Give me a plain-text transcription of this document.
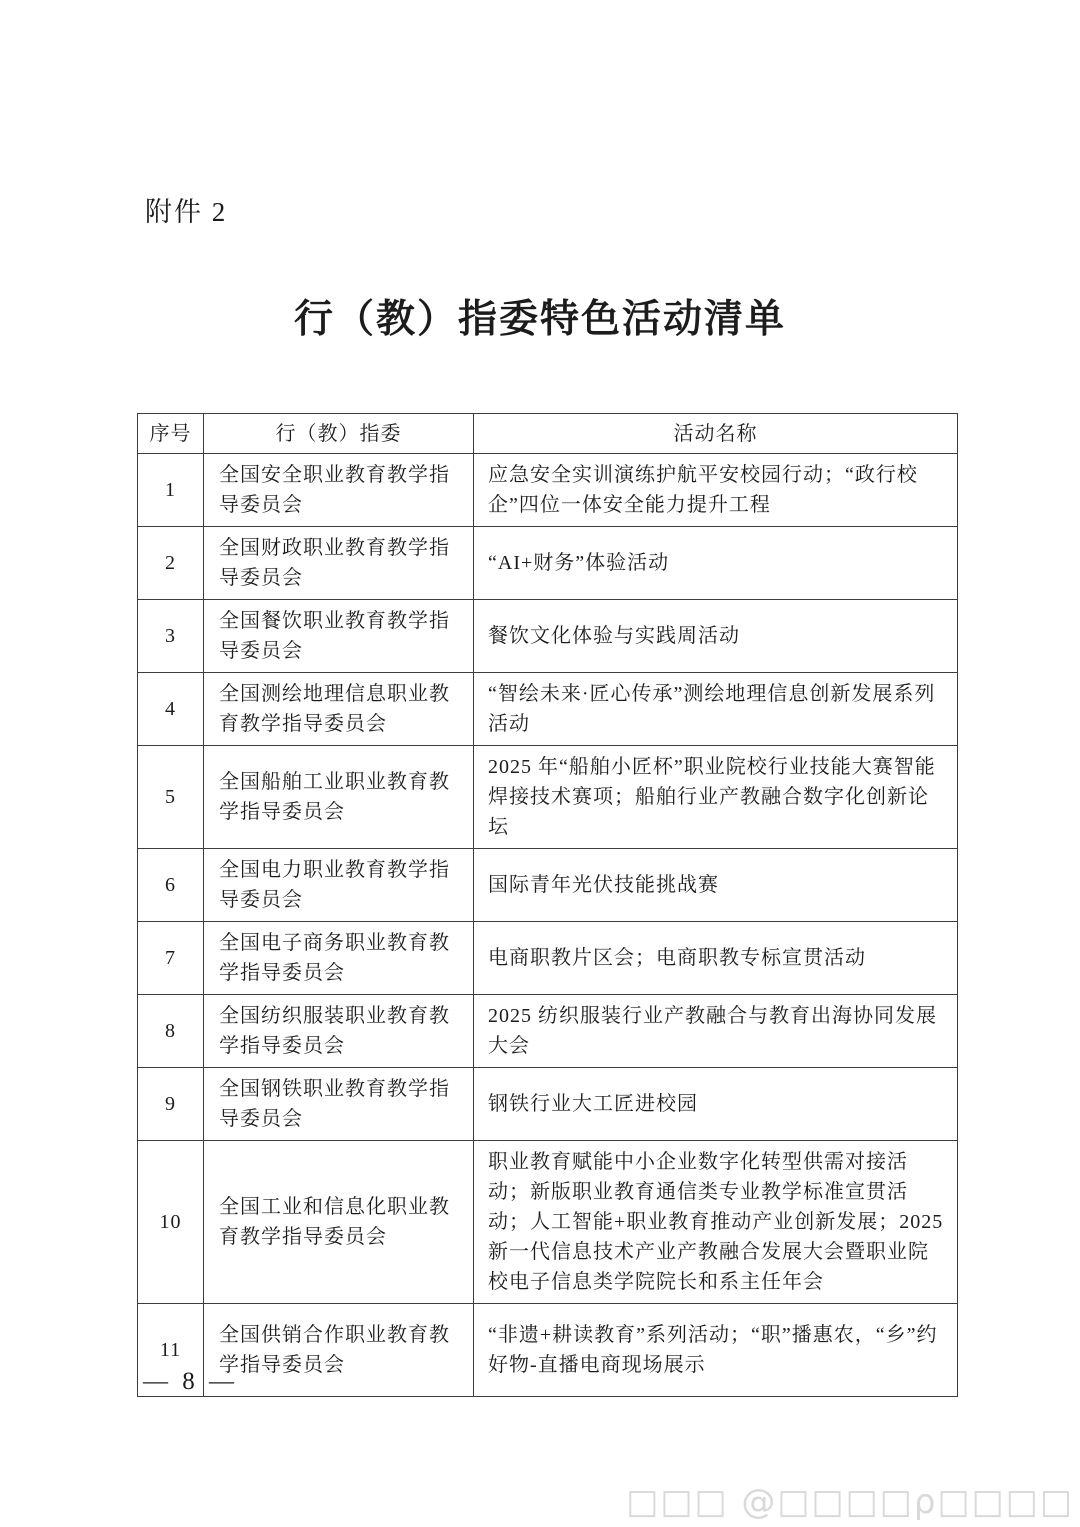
附件 2
行（教）指委特色活动清单
序号	行（教）指委	活动名称
1	全国安全职业教育教学指导委员会	应急安全实训演练护航平安校园行动；“政行校企”四位一体安全能力提升工程
2	全国财政职业教育教学指导委员会	“AI+财务”体验活动
3	全国餐饮职业教育教学指导委员会	餐饮文化体验与实践周活动
4	全国测绘地理信息职业教育教学指导委员会	“智绘未来·匠心传承”测绘地理信息创新发展系列活动
5	全国船舶工业职业教育教学指导委员会	2025 年“船舶小匠杯”职业院校行业技能大赛智能焊接技术赛项；船舶行业产教融合数字化创新论坛
6	全国电力职业教育教学指导委员会	国际青年光伏技能挑战赛
7	全国电子商务职业教育教学指导委员会	电商职教片区会；电商职教专标宣贯活动
8	全国纺织服装职业教育教学指导委员会	2025 纺织服装行业产教融合与教育出海协同发展大会
9	全国钢铁职业教育教学指导委员会	钢铁行业大工匠进校园
10	全国工业和信息化职业教育教学指导委员会	职业教育赋能中小企业数字化转型供需对接活动；新版职业教育通信类专业教学标准宣贯活动；人工智能+职业教育推动产业创新发展；2025 新一代信息技术产业产教融合发展大会暨职业院校电子信息类学院院长和系主任年会
11	全国供销合作职业教育教学指导委员会	“非遗+耕读教育”系列活动；“职”播惠农，“乡”约好物-直播电商现场展示
— 8 —
□□□ @□□□□ρ□□□□
